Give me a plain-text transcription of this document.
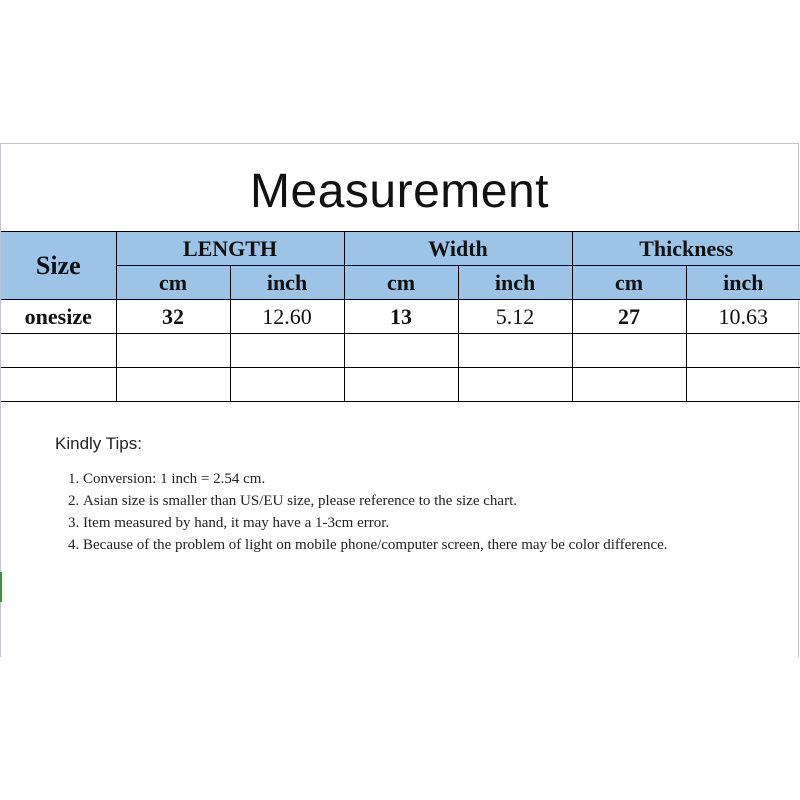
Measurement
Size	LENGTH		Width		Thickness	
	cm	inch	cm	inch	cm	inch
onesize	32	12.60	13	5.12	27	10.63

Kindly Tips:
1. Conversion: 1 inch = 2.54 cm.
2. Asian size is smaller than US/EU size, please reference to the size chart.
3. Item measured by hand, it may have a 1-3cm error.
4. Because of the problem of light on mobile phone/computer screen, there may be color difference.
